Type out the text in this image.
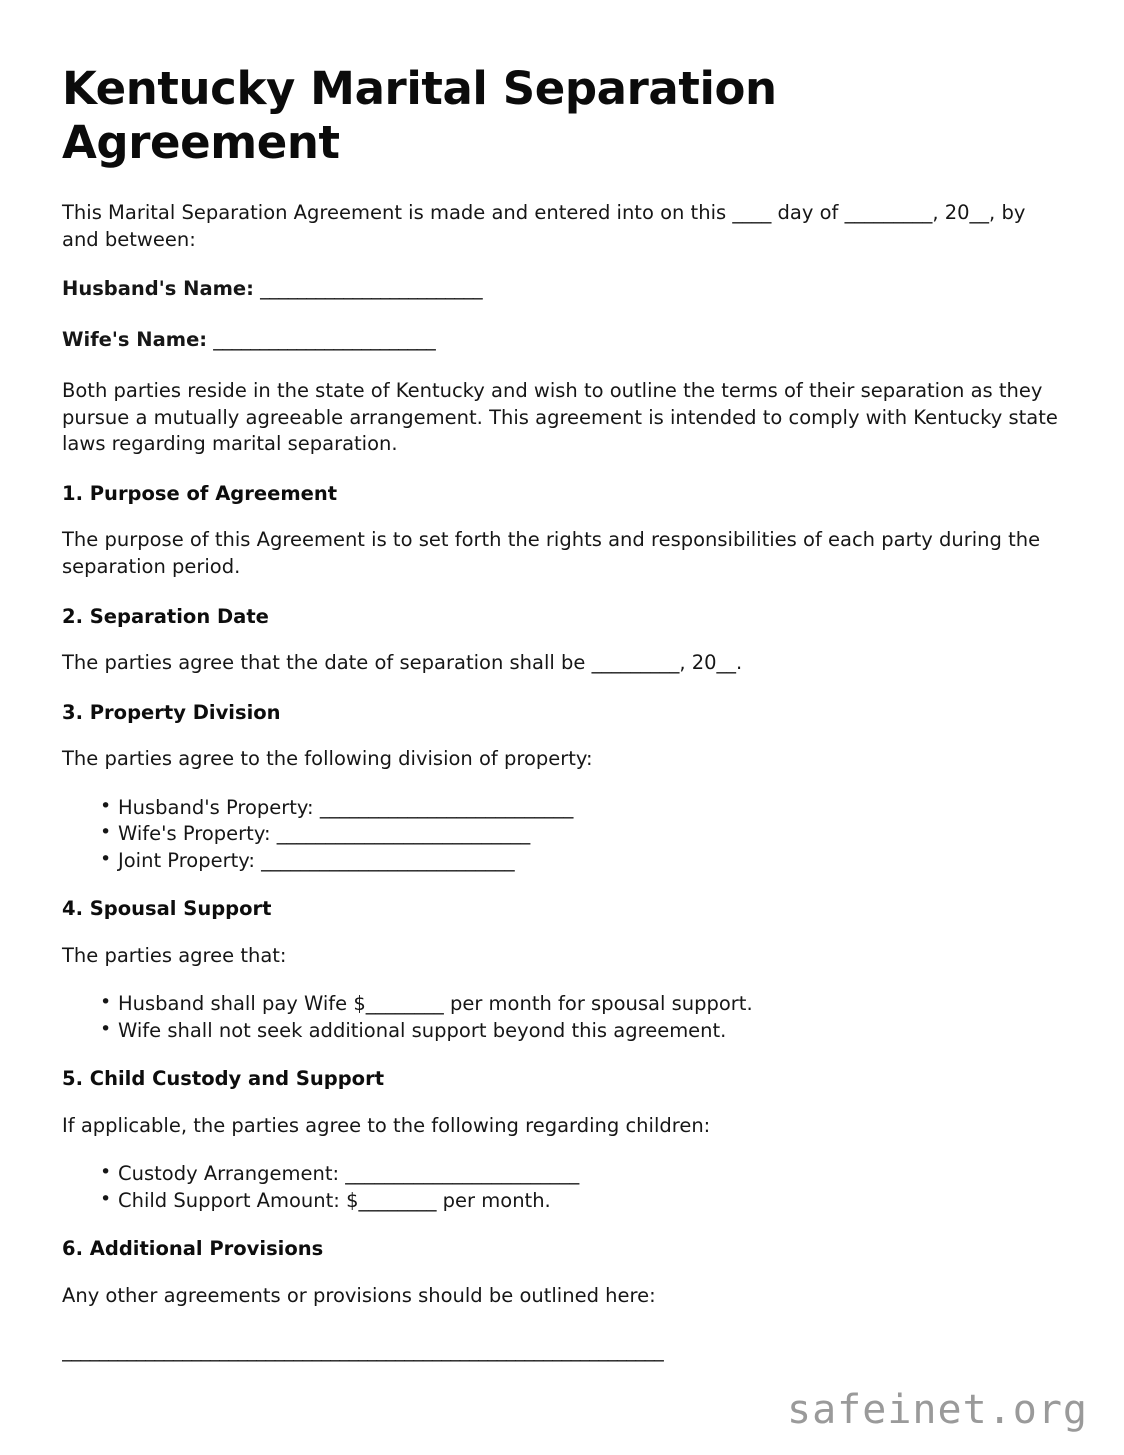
Kentucky Marital Separation Agreement

This Marital Separation Agreement is made and entered into on this ____ day of _________, 20__, by and between:

Husband's Name: ________________________
Wife's Name: ________________________

Both parties reside in the state of Kentucky and wish to outline the terms of their separation as they pursue a mutually agreeable arrangement. This agreement is intended to comply with Kentucky state laws regarding marital separation.

1. Purpose of Agreement

The purpose of this Agreement is to set forth the rights and responsibilities of each party during the separation period.

2. Separation Date

The parties agree that the date of separation shall be _________, 20__.

3. Property Division

The parties agree to the following division of property:

• Husband's Property: __________________________
• Wife's Property: __________________________
• Joint Property: __________________________
4. Spousal Support

The parties agree that:

• Husband shall pay Wife $________ per month for spousal support.
• Wife shall not seek additional support beyond this agreement.
5. Child Custody and Support

If applicable, the parties agree to the following regarding children:

• Custody Arrangement: ________________________
• Child Support Amount: $________ per month.
6. Additional Provisions

Any other agreements or provisions should be outlined here:

_________________________________________________________________
safeinet.org
